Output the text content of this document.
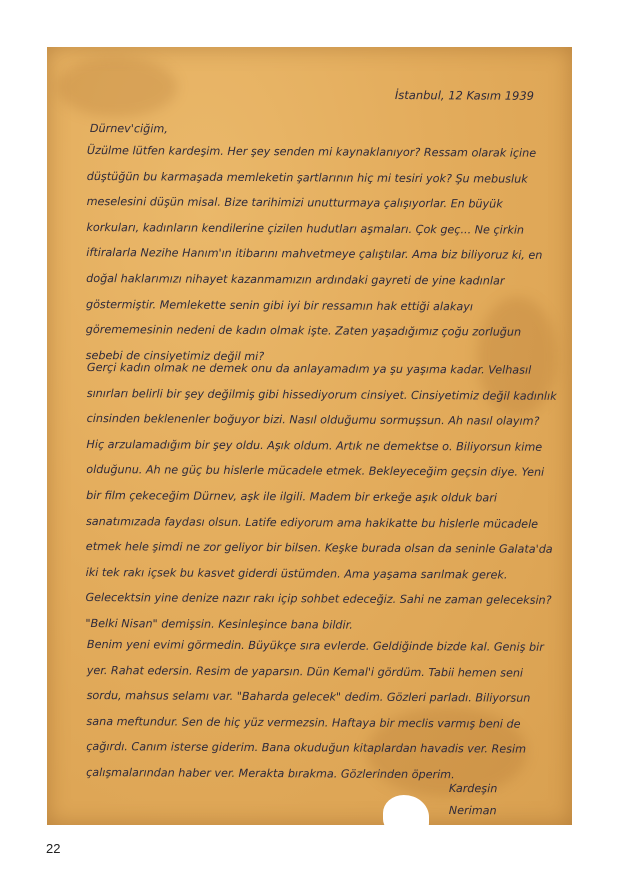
İstanbul, 12 Kasım 1939

Dürnev'ciğim,

Üzülme lütfen kardeşim. Her şey senden mi kaynaklanıyor? Ressam olarak içine düştüğün bu karmaşada memleketin şartlarının hiç mi tesiri yok? Şu mebusluk meselesini düşün misal. Bize tarihimizi unutturmaya çalışıyorlar. En büyük korkuları, kadınların kendilerine çizilen hudutları aşmaları. Çok geç... Ne çirkin iftiralarla Nezihe Hanım'ın itibarını mahvetmeye çalıştılar. Ama biz biliyoruz ki, en doğal haklarımızı nihayet kazanmamızın ardındaki gayreti de yine kadınlar göstermiştir. Memlekette senin gibi iyi bir ressamın hak ettiği alakayı görememesinin nedeni de kadın olmak işte. Zaten yaşadığımız çoğu zorluğun sebebi de cinsiyetimiz değil mi?

Gerçi kadın olmak ne demek onu da anlayamadım ya şu yaşıma kadar. Velhasıl sınırları belirli bir şey değilmiş gibi hissediyorum cinsiyet. Cinsiyetimiz değil kadınlık cinsinden beklenenler boğuyor bizi. Nasıl olduğumu sormuşsun. Ah nasıl olayım? Hiç arzulamadığım bir şey oldu. Aşık oldum. Artık ne demektse o. Biliyorsun kime olduğunu. Ah ne güç bu hislerle mücadele etmek. Bekleyeceğim geçsin diye. Yeni bir film çekeceğim Dürnev, aşk ile ilgili. Madem bir erkeğe aşık olduk bari sanatımızada faydası olsun. Latife ediyorum ama hakikatte bu hislerle mücadele etmek hele şimdi ne zor geliyor bir bilsen. Keşke burada olsan da seninle Galata'da iki tek rakı içsek bu kasvet giderdi üstümden. Ama yaşama sarılmak gerek. Gelecektsin yine denize nazır rakı içip sohbet edeceğiz. Sahi ne zaman geleceksin? "Belki Nisan" demişsin. Kesinleşince bana bildir.

Benim yeni evimi görmedin. Büyükçe sıra evlerde. Geldiğinde bizde kal. Geniş bir yer. Rahat edersin. Resim de yaparsın. Dün Kemal'i gördüm. Tabii hemen seni sordu, mahsus selamı var. "Baharda gelecek" dedim. Gözleri parladı. Biliyorsun sana meftundur. Sen de hiç yüz vermezsin. Haftaya bir meclis varmış beni de çağırdı. Canım isterse giderim. Bana okuduğun kitaplardan havadis ver. Resim çalışmalarından haber ver. Merakta bırakma. Gözlerinden öperim.

Kardeşin
Neriman
22
